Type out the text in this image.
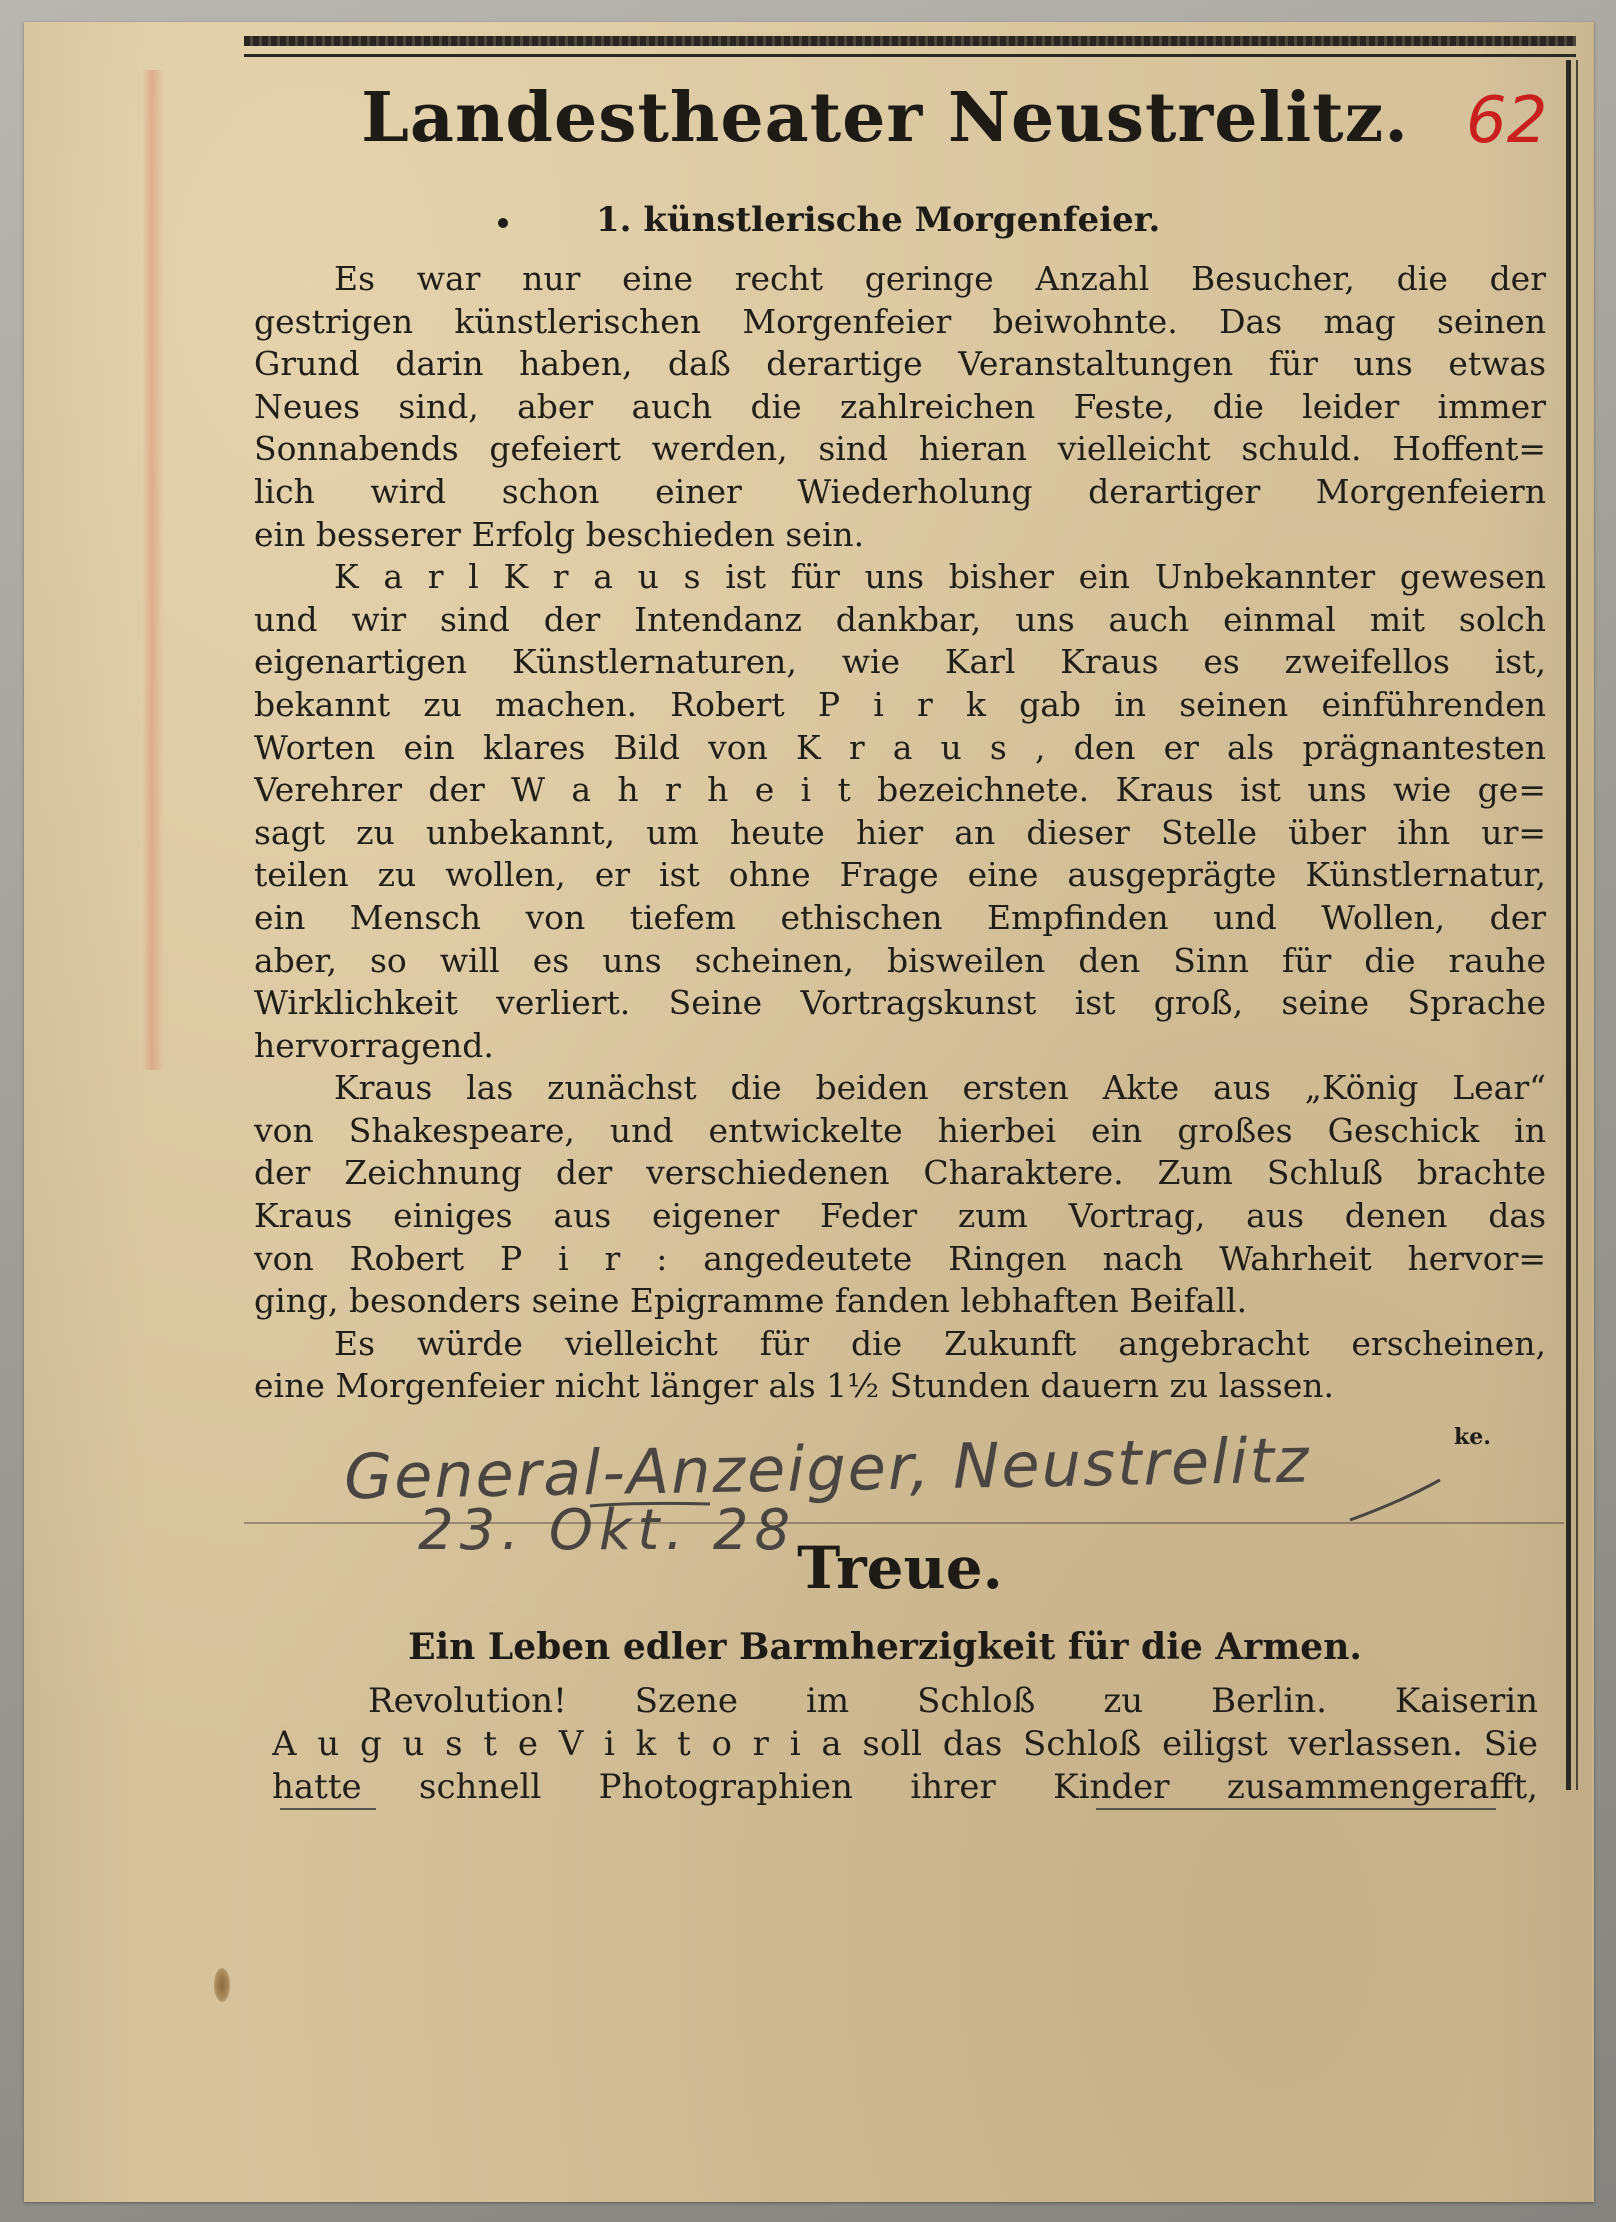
Landestheater Neustrelitz. 62
1. künstlerische Morgenfeier.
Es war nur eine recht geringe Anzahl Besucher, die der
gestrigen künstlerischen Morgenfeier beiwohnte. Das mag seinen
Grund darin haben, daß derartige Veranstaltungen für uns etwas
Neues sind, aber auch die zahlreichen Feste, die leider immer
Sonnabends gefeiert werden, sind hieran vielleicht schuld. Hoffent=
lich wird schon einer Wiederholung derartiger Morgenfeiern
ein besserer Erfolg beschieden sein.
K a r l K r a u s ist für uns bisher ein Unbekannter gewesen
und wir sind der Intendanz dankbar, uns auch einmal mit solch
eigenartigen Künstlernaturen, wie Karl Kraus es zweifellos ist,
bekannt zu machen. Robert P i r k gab in seinen einführenden
Worten ein klares Bild von K r a u s , den er als prägnantesten
Verehrer der W a h r h e i t bezeichnete. Kraus ist uns wie ge=
sagt zu unbekannt, um heute hier an dieser Stelle über ihn ur=
teilen zu wollen, er ist ohne Frage eine ausgeprägte Künstlernatur,
ein Mensch von tiefem ethischen Empfinden und Wollen, der
aber, so will es uns scheinen, bisweilen den Sinn für die rauhe
Wirklichkeit verliert. Seine Vortragskunst ist groß, seine Sprache
hervorragend.
Kraus las zunächst die beiden ersten Akte aus „König Lear“
von Shakespeare, und entwickelte hierbei ein großes Geschick in
der Zeichnung der verschiedenen Charaktere. Zum Schluß brachte
Kraus einiges aus eigener Feder zum Vortrag, aus denen das
von Robert P i r : angedeutete Ringen nach Wahrheit hervor=
ging, besonders seine Epigramme fanden lebhaften Beifall.
Es würde vielleicht für die Zukunft angebracht erscheinen,
eine Morgenfeier nicht länger als 1½ Stunden dauern zu lassen.
ke.
General-Anzeiger, Neustrelitz
23. Okt. 28
Treue.
Ein Leben edler Barmherzigkeit für die Armen.
Revolution! Szene im Schloß zu Berlin. Kaiserin
A u g u s t e V i k t o r i a soll das Schloß eiligst verlassen. Sie
hatte schnell Photographien ihrer Kinder zusammengerafft,
